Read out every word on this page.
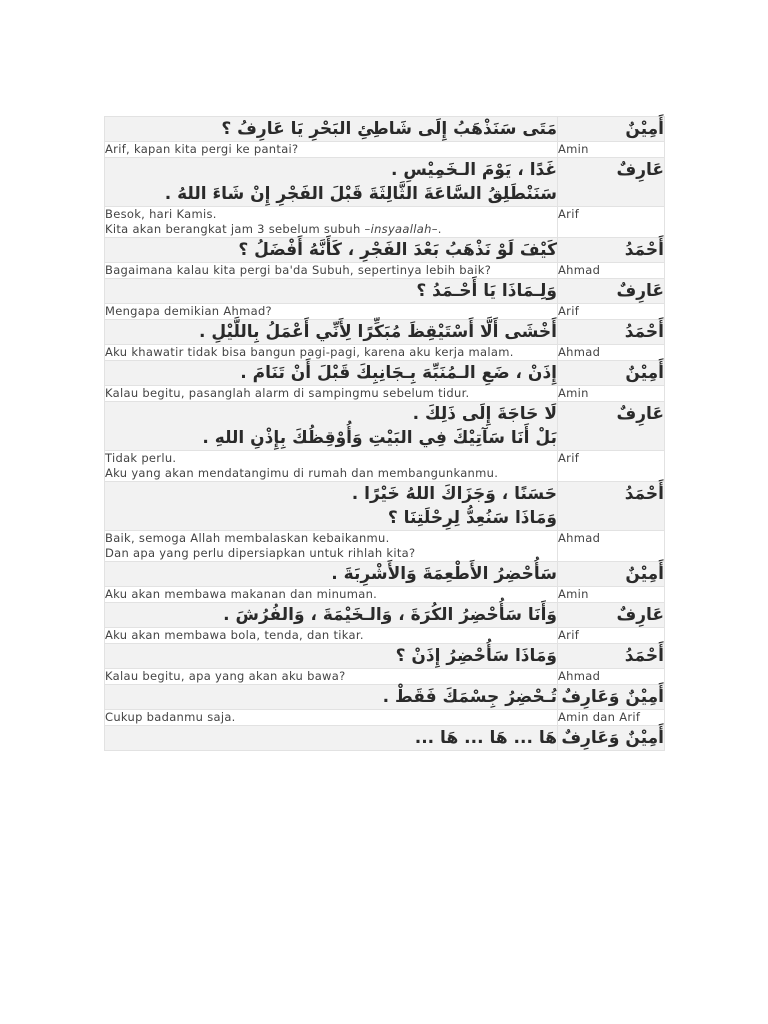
مَتَى سَنَذْهَبُ إِلَى شَاطِئِ البَحْرِ يَا عَارِفُ ؟	أَمِيْنٌ

Arif, kapan kita pergi ke pantai?	Amin

غَدًا ، يَوْمَ الـخَمِيْسِ .
سَنَنْطَلِقُ السَّاعَةَ الثَّالِثَةَ قَبْلَ الفَجْرِ إِنْ شَاءَ اللهُ .	عَارِفٌ

Besok, hari Kamis.
Kita akan berangkat jam 3 sebelum subuh –insyaallah–.	Arif

كَيْفَ لَوْ نَذْهَبُ بَعْدَ الفَجْرِ ، كَأَنَّهُ أَفْضَلُ ؟	أَحْمَدُ

Bagaimana kalau kita pergi ba'da Subuh, sepertinya lebih baik?	Ahmad

وَلِـمَاذَا يَا أَحْـمَدُ ؟	عَارِفٌ

Mengapa demikian Ahmad?	Arif

أَخْشَى أَلَّا أَسْتَيْقِظَ مُبَكِّرًا لِأَنِّي أَعْمَلُ بِاللَّيْلِ .	أَحْمَدُ

Aku khawatir tidak bisa bangun pagi-pagi, karena aku kerja malam.	Ahmad

إِذَنْ ، ضَعِ الـمُنَبِّهَ بِـجَانِبِكَ قَبْلَ أَنْ تَنَامَ .	أَمِيْنٌ

Kalau begitu, pasanglah alarm di sampingmu sebelum tidur.	Amin

لَا حَاجَةَ إِلَى ذَلِكَ .
بَلْ أَنَا سَآتِيْكَ فِي البَيْتِ وَأُوْقِظُكَ بِإِذْنِ اللهِ .	عَارِفٌ

Tidak perlu.
Aku yang akan mendatangimu di rumah dan membangunkanmu.	Arif

حَسَنًا ، وَجَزَاكَ اللهُ خَيْرًا .
وَمَاذَا سَنُعِدُّ لِرِحْلَتِنَا ؟	أَحْمَدُ

Baik, semoga Allah membalaskan kebaikanmu.
Dan apa yang perlu dipersiapkan untuk rihlah kita?	Ahmad

سَأُحْضِرُ الأَطْعِمَةَ وَالأَشْرِبَةَ .	أَمِيْنٌ

Aku akan membawa makanan dan minuman.	Amin

وَأَنَا سَأُحْضِرُ الكُرَةَ ، وَالـخَيْمَةَ ، وَالفُرُشَ .	عَارِفٌ

Aku akan membawa bola, tenda, dan tikar.	Arif

وَمَاذَا سَأُحْضِرُ إِذَنْ ؟	أَحْمَدُ

Kalau begitu, apa yang akan aku bawa?	Ahmad

تُـحْضِرُ جِسْمَكَ فَقَطْ .	أَمِيْنٌ وَعَارِفٌ

Cukup badanmu saja.	Amin dan Arif

هَا ... هَا ... هَا ...	أَمِيْنٌ وَعَارِفٌ
